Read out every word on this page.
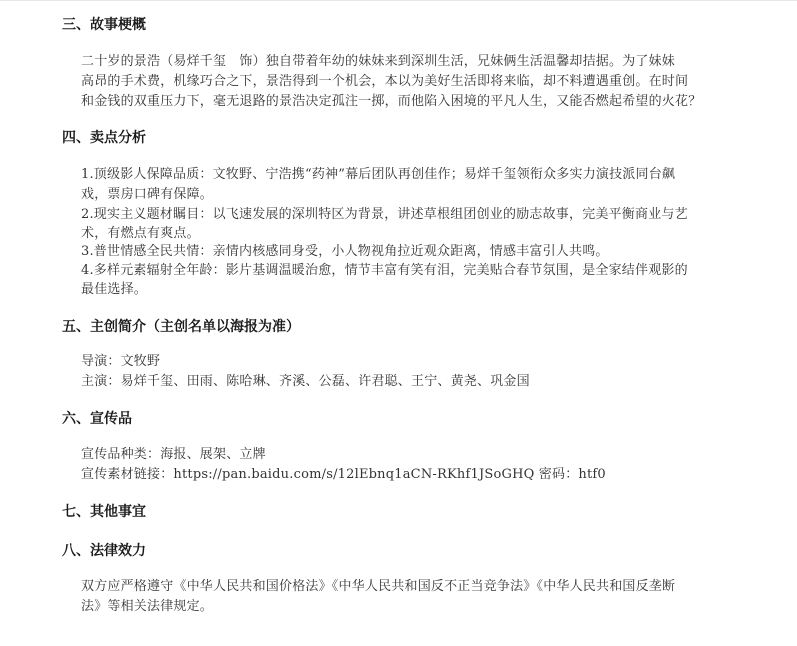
三、故事梗概
二十岁的景浩（易烊千玺　饰）独自带着年幼的妹妹来到深圳生活，兄妹俩生活温馨却拮据。为了妹妹
高昂的手术费，机缘巧合之下，景浩得到一个机会，本以为美好生活即将来临，却不料遭遇重创。在时间
和金钱的双重压力下，毫无退路的景浩决定孤注一掷，而他陷入困境的平凡人生，又能否燃起希望的火花？
四、卖点分析
1.顶级影人保障品质：文牧野、宁浩携“药神”幕后团队再创佳作；易烊千玺领衔众多实力演技派同台飙
戏，票房口碑有保障。
2.现实主义题材瞩目：以飞速发展的深圳特区为背景，讲述草根组团创业的励志故事，完美平衡商业与艺
术，有燃点有爽点。
3.普世情感全民共情：亲情内核感同身受，小人物视角拉近观众距离，情感丰富引人共鸣。
4.多样元素辐射全年龄：影片基调温暖治愈，情节丰富有笑有泪，完美贴合春节氛围，是全家结伴观影的
最佳选择。
五、主创简介（主创名单以海报为准）
导演：文牧野
主演：易烊千玺、田雨、陈哈琳、齐溪、公磊、许君聪、王宁、黄尧、巩金国
六、宣传品
宣传品种类：海报、展架、立牌
宣传素材链接：https://pan.baidu.com/s/12lEbnq1aCN-RKhf1JSoGHQ 密码：htf0
七、其他事宜
八、法律效力
双方应严格遵守《中华人民共和国价格法》《中华人民共和国反不正当竞争法》《中华人民共和国反垄断
法》等相关法律规定。
